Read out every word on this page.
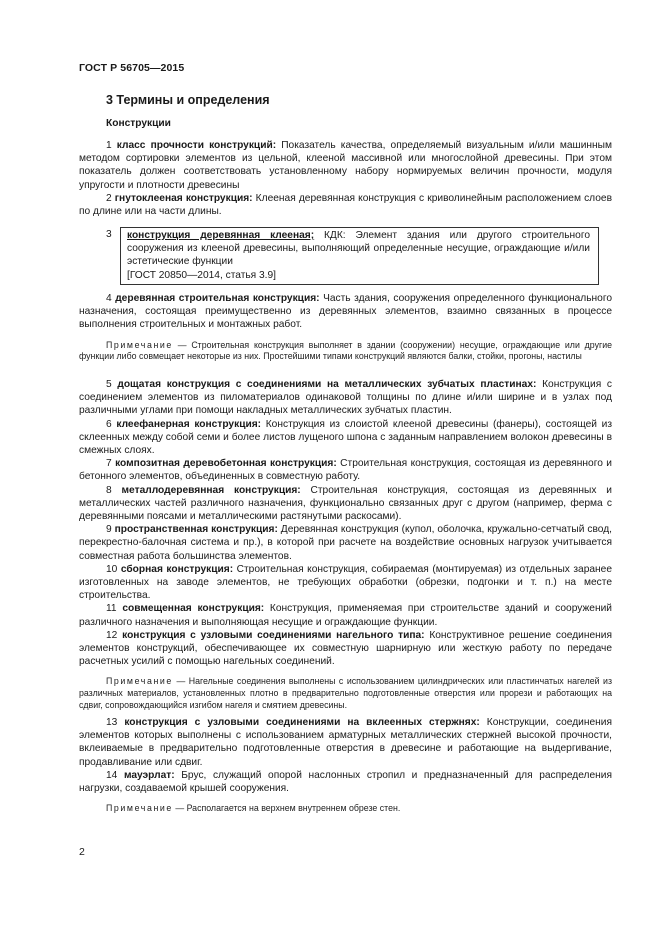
ГОСТ Р 56705—2015
3 Термины и определения
Конструкции

1 класс прочности конструкций: Показатель качества, определяемый визуальным и/или машинным методом сортировки элементов из цельной, клееной массивной или многослойной древесины. При этом показатель должен соответствовать установленному набору нормируемых величин прочности, модуля упругости и плотности древесины

2 гнутоклееная конструкция: Клееная деревянная конструкция с криволинейным расположением слоев по длине или на части длины.

3 конструкция деревянная клееная; КДК: Элемент здания или другого строительного сооружения из клееной древесины, выполняющий определенные несущие, ограждающие и/или эстетические функции

[ГОСТ 20850—2014, статья 3.9]

4 деревянная строительная конструкция: Часть здания, сооружения определенного функционального назначения, состоящая преимущественно из деревянных элементов, взаимно связанных в процессе выполнения строительных и монтажных работ.

Примечание — Строительная конструкция выполняет в здании (сооружении) несущие, ограждающие или другие функции либо совмещает некоторые из них. Простейшими типами конструкций являются балки, стойки, прогоны, настилы

5 дощатая конструкция с соединениями на металлических зубчатых пластинах: Конструкция с соединением элементов из пиломатериалов одинаковой толщины по длине и/или ширине и в узлах под различными углами при помощи накладных металлических зубчатых пластин.

6 клеефанерная конструкция: Конструкция из слоистой клееной древесины (фанеры), состоящей из склеенных между собой семи и более листов лущеного шпона с заданным направлением волокон древесины в смежных слоях.

7 композитная деревобетонная конструкция: Строительная конструкция, состоящая из деревянного и бетонного элементов, объединенных в совместную работу.

8 металлодеревянная конструкция: Строительная конструкция, состоящая из деревянных и металлических частей различного назначения, функционально связанных друг с другом (например, фермa с деревянными поясами и металлическими растянутыми раскосами).

9 пространственная конструкция: Деревянная конструкция (купол, оболочка, кружально-сетчатый свод, перекрестно-балочная система и пр.), в которой при расчете на воздействие основных нагрузок учитывается совместная работа большинства элементов.

10 сборная конструкция: Строительная конструкция, собираемая (монтируемая) из отдельных заранее изготовленных на заводе элементов, не требующих обработки (обрезки, подгонки и т. п.) на месте строительства.

11 совмещенная конструкция: Конструкция, применяемая при строительстве зданий и сооружений различного назначения и выполняющая несущие и ограждающие функции.

12 конструкция с узловыми соединениями нагельного типа: Конструктивное решение соединения элементов конструкций, обеспечивающее их совместную шарнирную или жесткую работу по передаче расчетных усилий с помощью нагельных соединений.

Примечание — Нагельные соединения выполнены с использованием цилиндрических или пластинчатых нагелей из различных материалов, установленных плотно в предварительно подготовленные отверстия или прорези и работающих на сдвиг, сопровождающийся изгибом нагеля и смятием древесины.

13 конструкция с узловыми соединениями на вклеенных стержнях: Конструкции, соединения элементов которых выполнены с использованием арматурных металлических стержней высокой прочности, вклеиваемые в предварительно подготовленные отверстия в древесине и работающие на выдергивание, продавливание или сдвиг.

14 мауэрлат: Брус, служащий опорой наслонных стропил и предназначенный для распределения нагрузки, создаваемой крышей сооружения.

Примечание — Располагается на верхнем внутреннем обрезе стен.

2
